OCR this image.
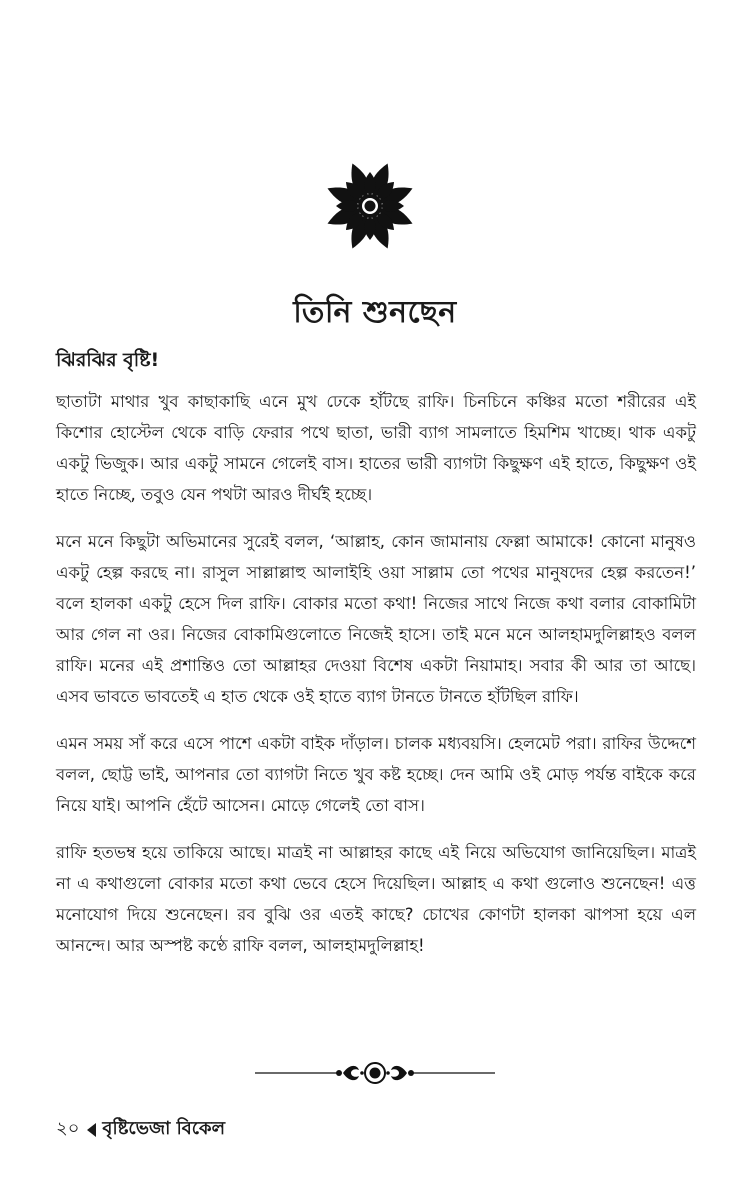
তিনি শুনছেন
ঝিরঝির বৃষ্টি!

ছাতাটা মাথার খুব কাছাকাছি এনে মুখ ঢেকে হাঁটছে রাফি। চিনচিনে কঞ্চির মতো শরীরের এই কিশোর হোস্টেল থেকে বাড়ি ফেরার পথে ছাতা, ভারী ব্যাগ সামলাতে হিমশিম খাচ্ছে। থাক একটু একটু ভিজুক। আর একটু সামনে গেলেই বাস। হাতের ভারী ব্যাগটা কিছুক্ষণ এই হাতে, কিছুক্ষণ ওই হাতে নিচ্ছে, তবুও যেন পথটা আরও দীর্ঘই হচ্ছে।

মনে মনে কিছুটা অভিমানের সুরেই বলল, ‘আল্লাহ, কোন জামানায় ফেল্লা আমাকে! কোনো মানুষও একটু হেল্প করছে না। রাসুল সাল্লাল্লাহু আলাইহি ওয়া সাল্লাম তো পথের মানুষদের হেল্প করতেন!’ বলে হালকা একটু হেসে দিল রাফি। বোকার মতো কথা! নিজের সাথে নিজে কথা বলার বোকামিটা আর গেল না ওর। নিজের বোকামিগুলোতে নিজেই হাসে। তাই মনে মনে আলহামদুলিল্লাহও বলল রাফি। মনের এই প্রশান্তিও তো আল্লাহর দেওয়া বিশেষ একটা নিয়ামাহ। সবার কী আর তা আছে। এসব ভাবতে ভাবতেই এ হাত থেকে ওই হাতে ব্যাগ টানতে টানতে হাঁটছিল রাফি।

এমন সময় সাঁ করে এসে পাশে একটা বাইক দাঁড়াল। চালক মধ্যবয়সি। হেলমেট পরা। রাফির উদ্দেশে বলল, ছোট্ট ভাই, আপনার তো ব্যাগটা নিতে খুব কষ্ট হচ্ছে। দেন আমি ওই মোড় পর্যন্ত বাইকে করে নিয়ে যাই। আপনি হেঁটে আসেন। মোড়ে গেলেই তো বাস।

রাফি হতভম্ব হয়ে তাকিয়ে আছে। মাত্রই না আল্লাহর কাছে এই নিয়ে অভিযোগ জানিয়েছিল। মাত্রই না এ কথাগুলো বোকার মতো কথা ভেবে হেসে দিয়েছিল। আল্লাহ এ কথা গুলোও শুনেছেন! এত্ত মনোযোগ দিয়ে শুনেছেন। রব বুঝি ওর এতই কাছে? চোখের কোণটা হালকা ঝাপসা হয়ে এল আনন্দে। আর অস্পষ্ট কণ্ঠে রাফি বলল, আলহামদুলিল্লাহ!

২০ বৃষ্টিভেজা বিকেল
